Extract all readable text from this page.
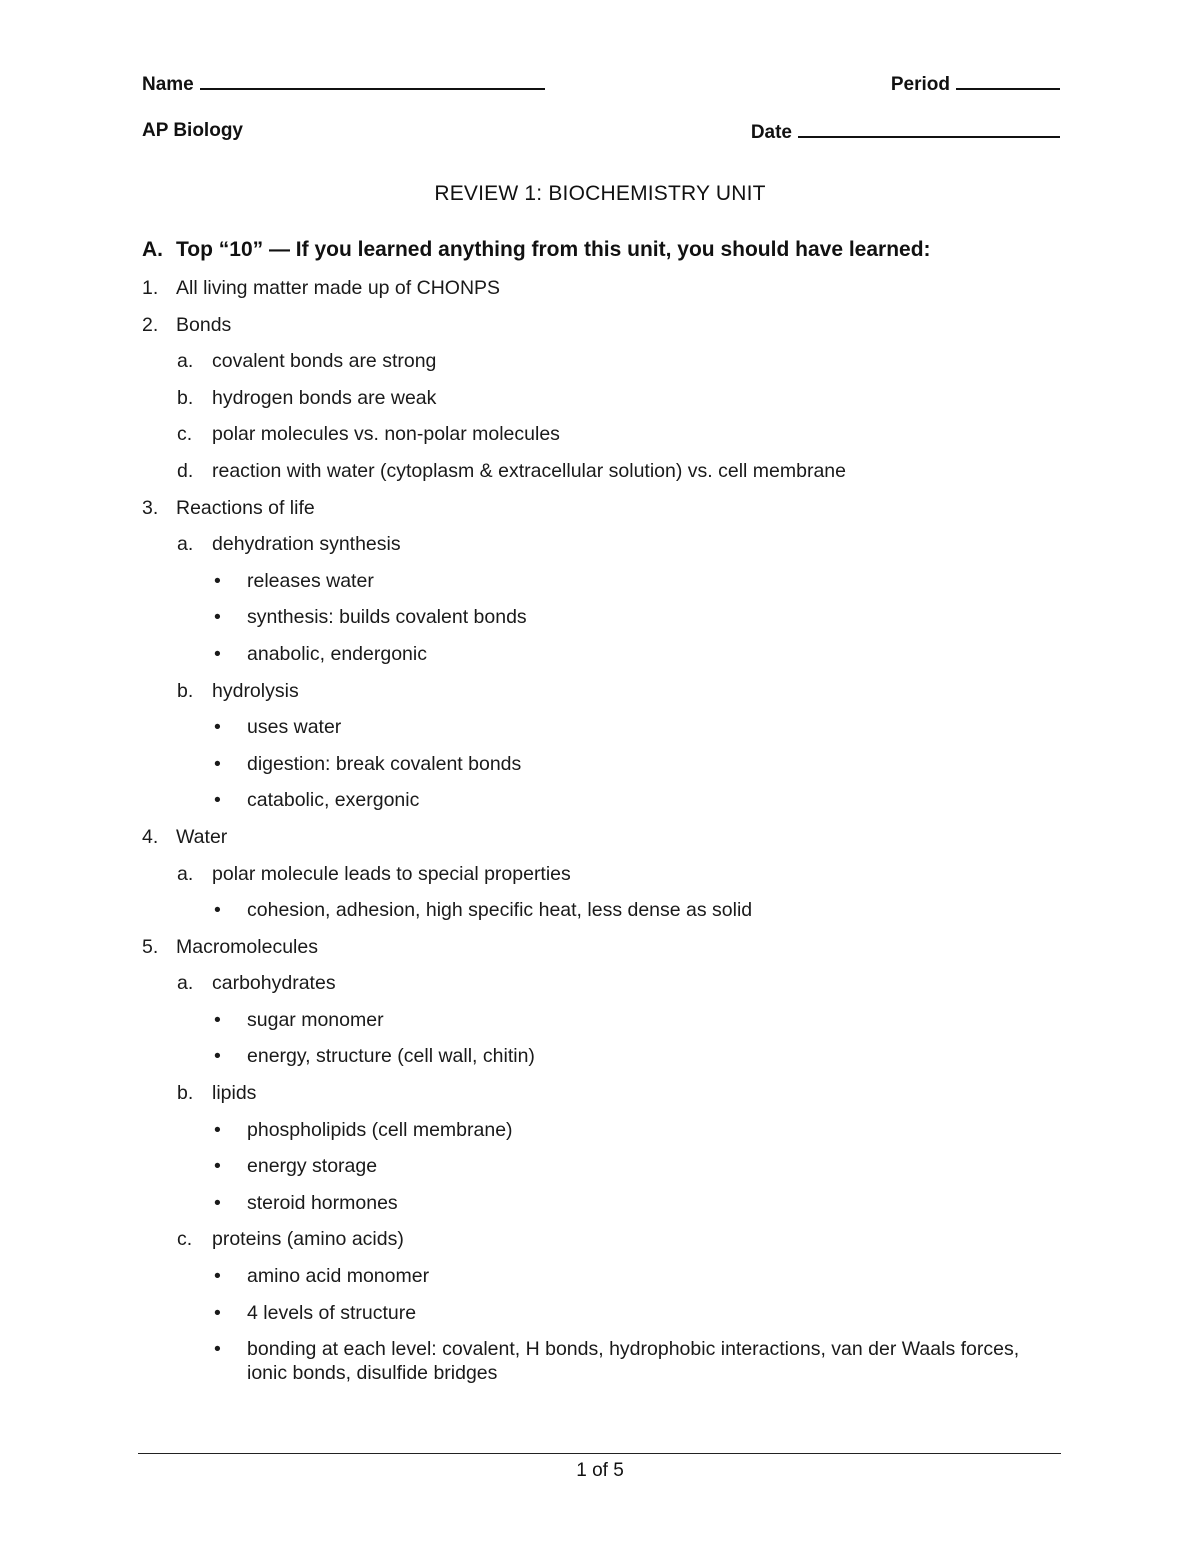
Name	Period
AP Biology	Date
REVIEW 1: BIOCHEMISTRY UNIT
A. Top “10” — If you learned anything from this unit, you should have learned:
1. All living matter made up of CHONPS
2. Bonds
a. covalent bonds are strong
b. hydrogen bonds are weak
c. polar molecules vs. non-polar molecules
d. reaction with water (cytoplasm & extracellular solution) vs. cell membrane
3. Reactions of life
a. dehydration synthesis
• releases water
• synthesis: builds covalent bonds
• anabolic, endergonic
b. hydrolysis
• uses water
• digestion: break covalent bonds
• catabolic, exergonic
4. Water
a. polar molecule leads to special properties
• cohesion, adhesion, high specific heat, less dense as solid
5. Macromolecules
a. carbohydrates
• sugar monomer
• energy, structure (cell wall, chitin)
b. lipids
• phospholipids (cell membrane)
• energy storage
• steroid hormones
c. proteins (amino acids)
• amino acid monomer
• 4 levels of structure
• bonding at each level: covalent, H bonds, hydrophobic interactions, van der Waals forces, ionic bonds, disulfide bridges
1 of 5
